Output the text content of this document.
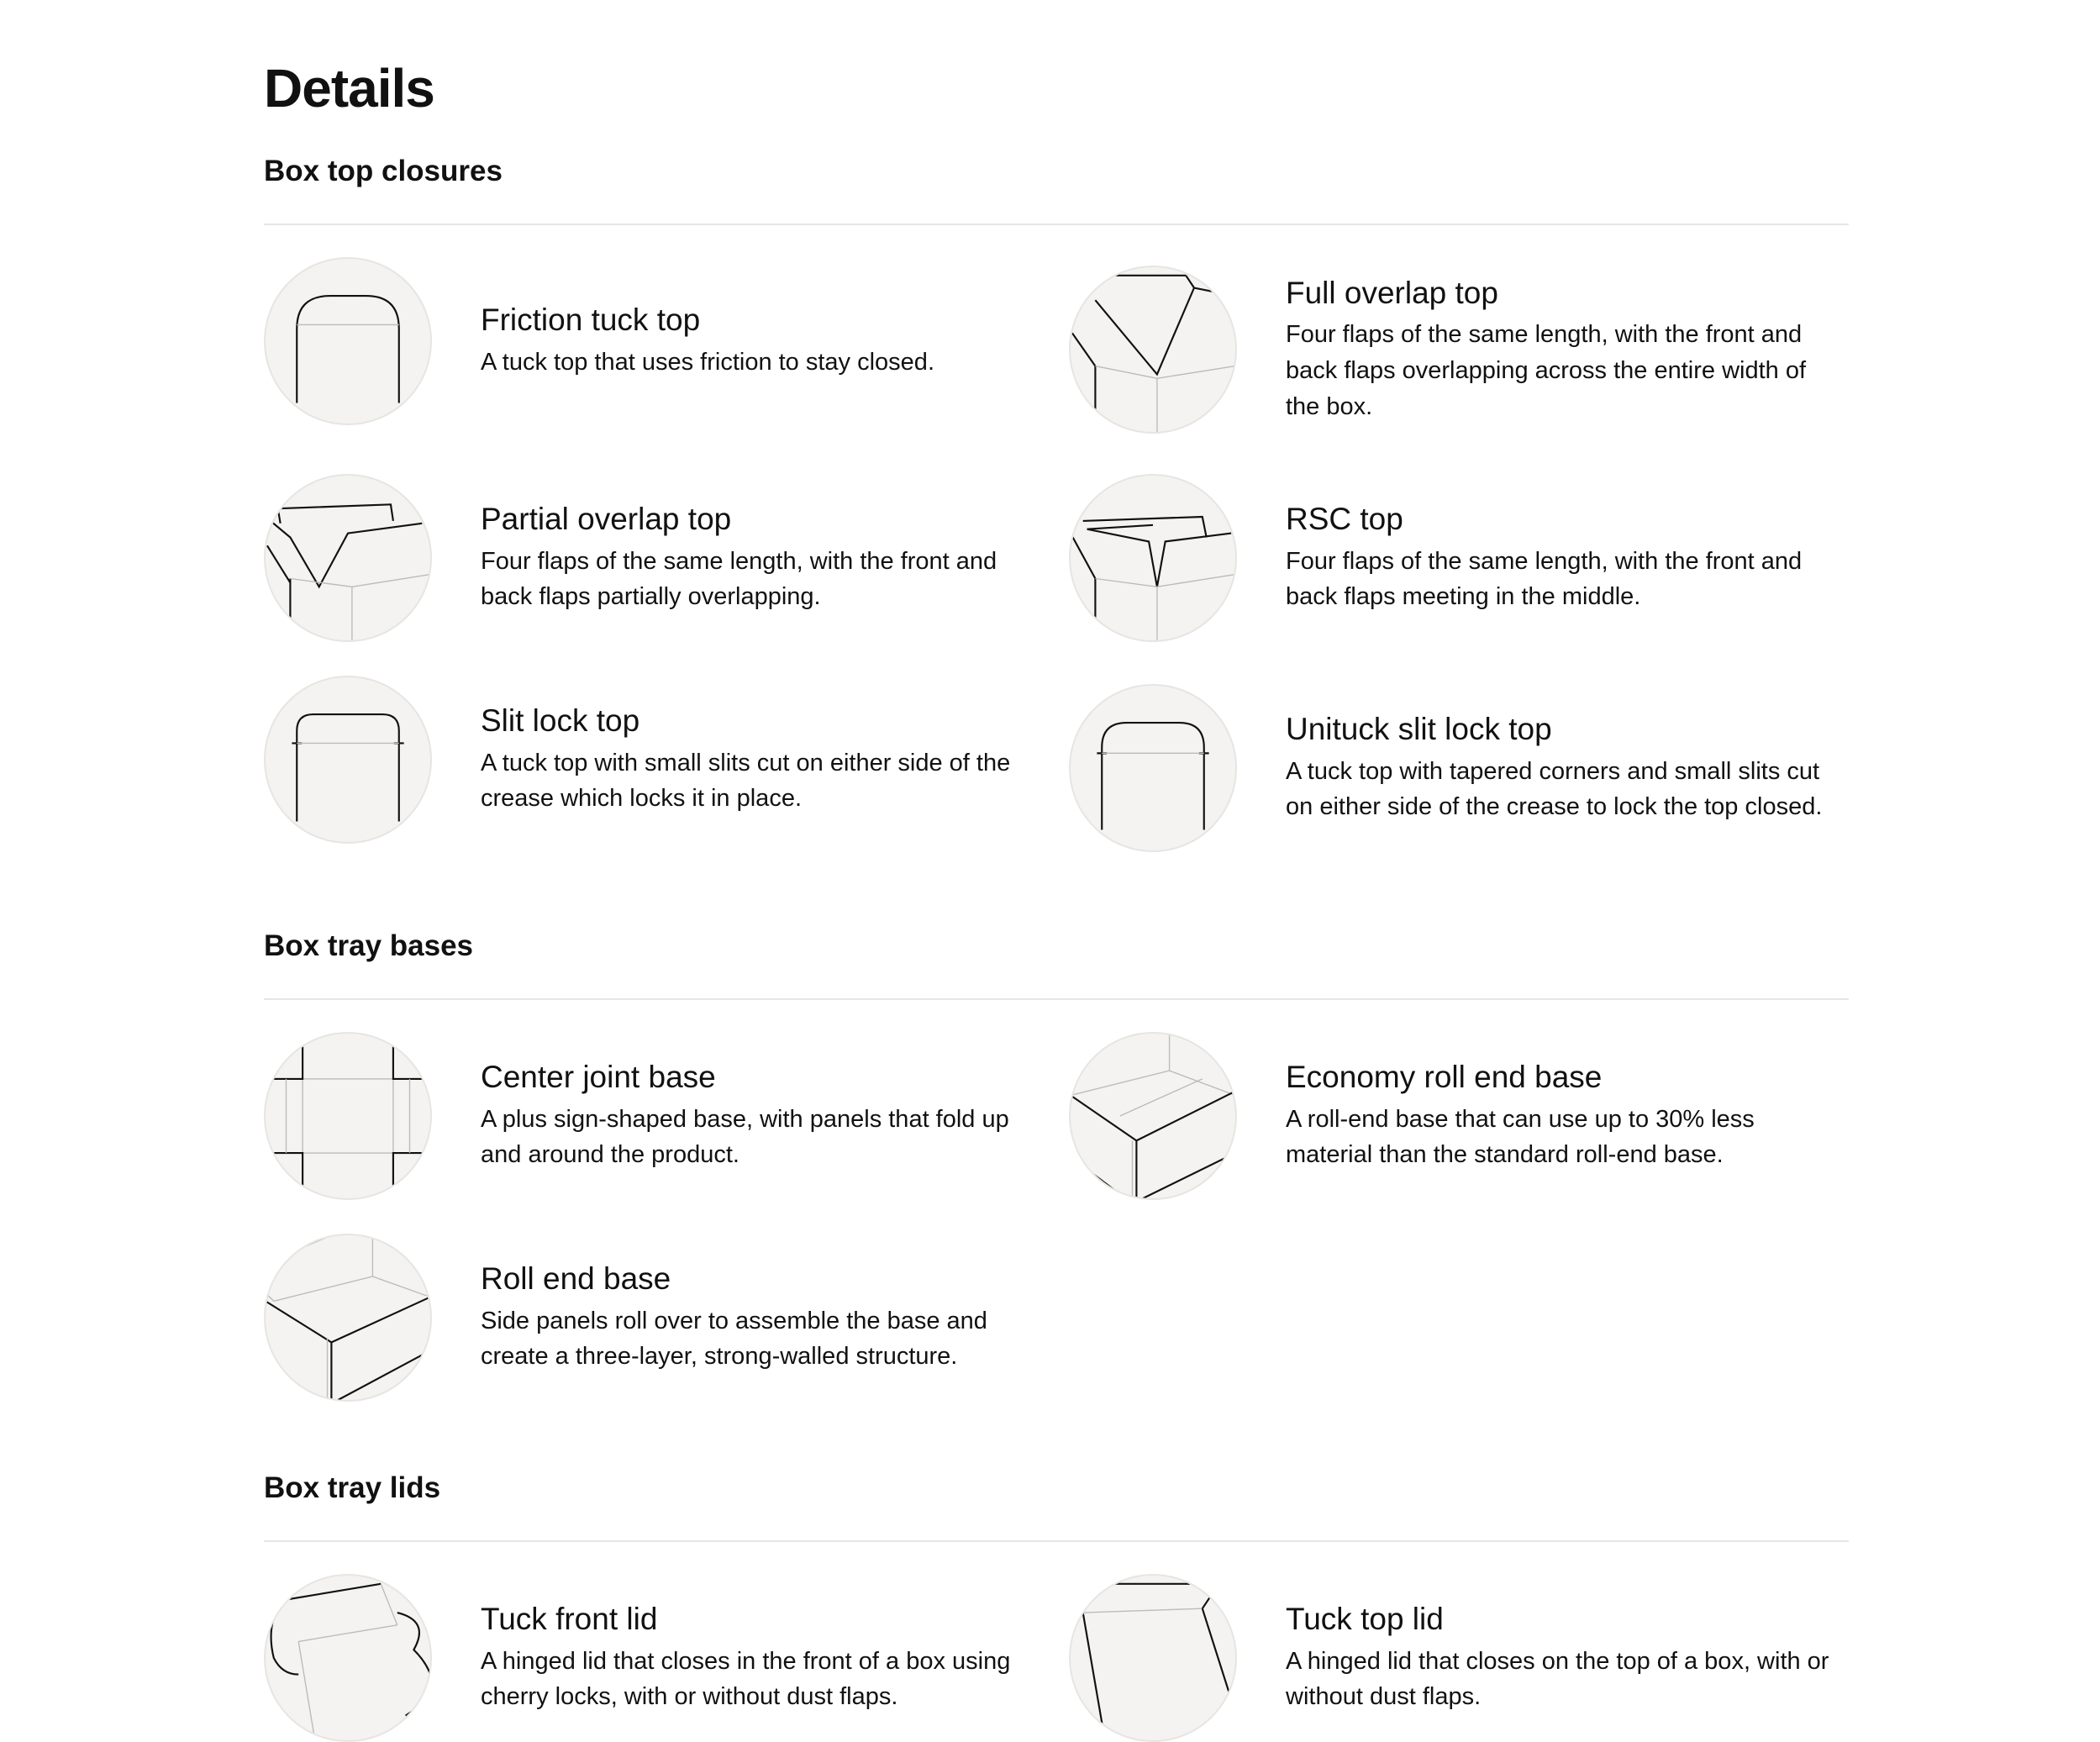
Details
Box top closures

Friction tuck top

A tuck top that uses friction to stay closed.

Full overlap top

Four flaps of the same length, with the front and back flaps overlapping across the entire width of the box.

Partial overlap top

Four flaps of the same length, with the front and back flaps partially overlapping.

RSC top

Four flaps of the same length, with the front and back flaps meeting in the middle.

Slit lock top

A tuck top with small slits cut on either side of the crease which locks it in place.

Unituck slit lock top

A tuck top with tapered corners and small slits cut on either side of the crease to lock the top closed.

Box tray bases

Center joint base

A plus sign-shaped base, with panels that fold up and around the product.

Economy roll end base

A roll-end base that can use up to 30% less material than the standard roll-end base.

Roll end base

Side panels roll over to assemble the base and create a three-layer, strong-walled structure.

Box tray lids

Tuck front lid

A hinged lid that closes in the front of a box using cherry locks, with or without dust flaps.

Tuck top lid

A hinged lid that closes on the top of a box, with or without dust flaps.
